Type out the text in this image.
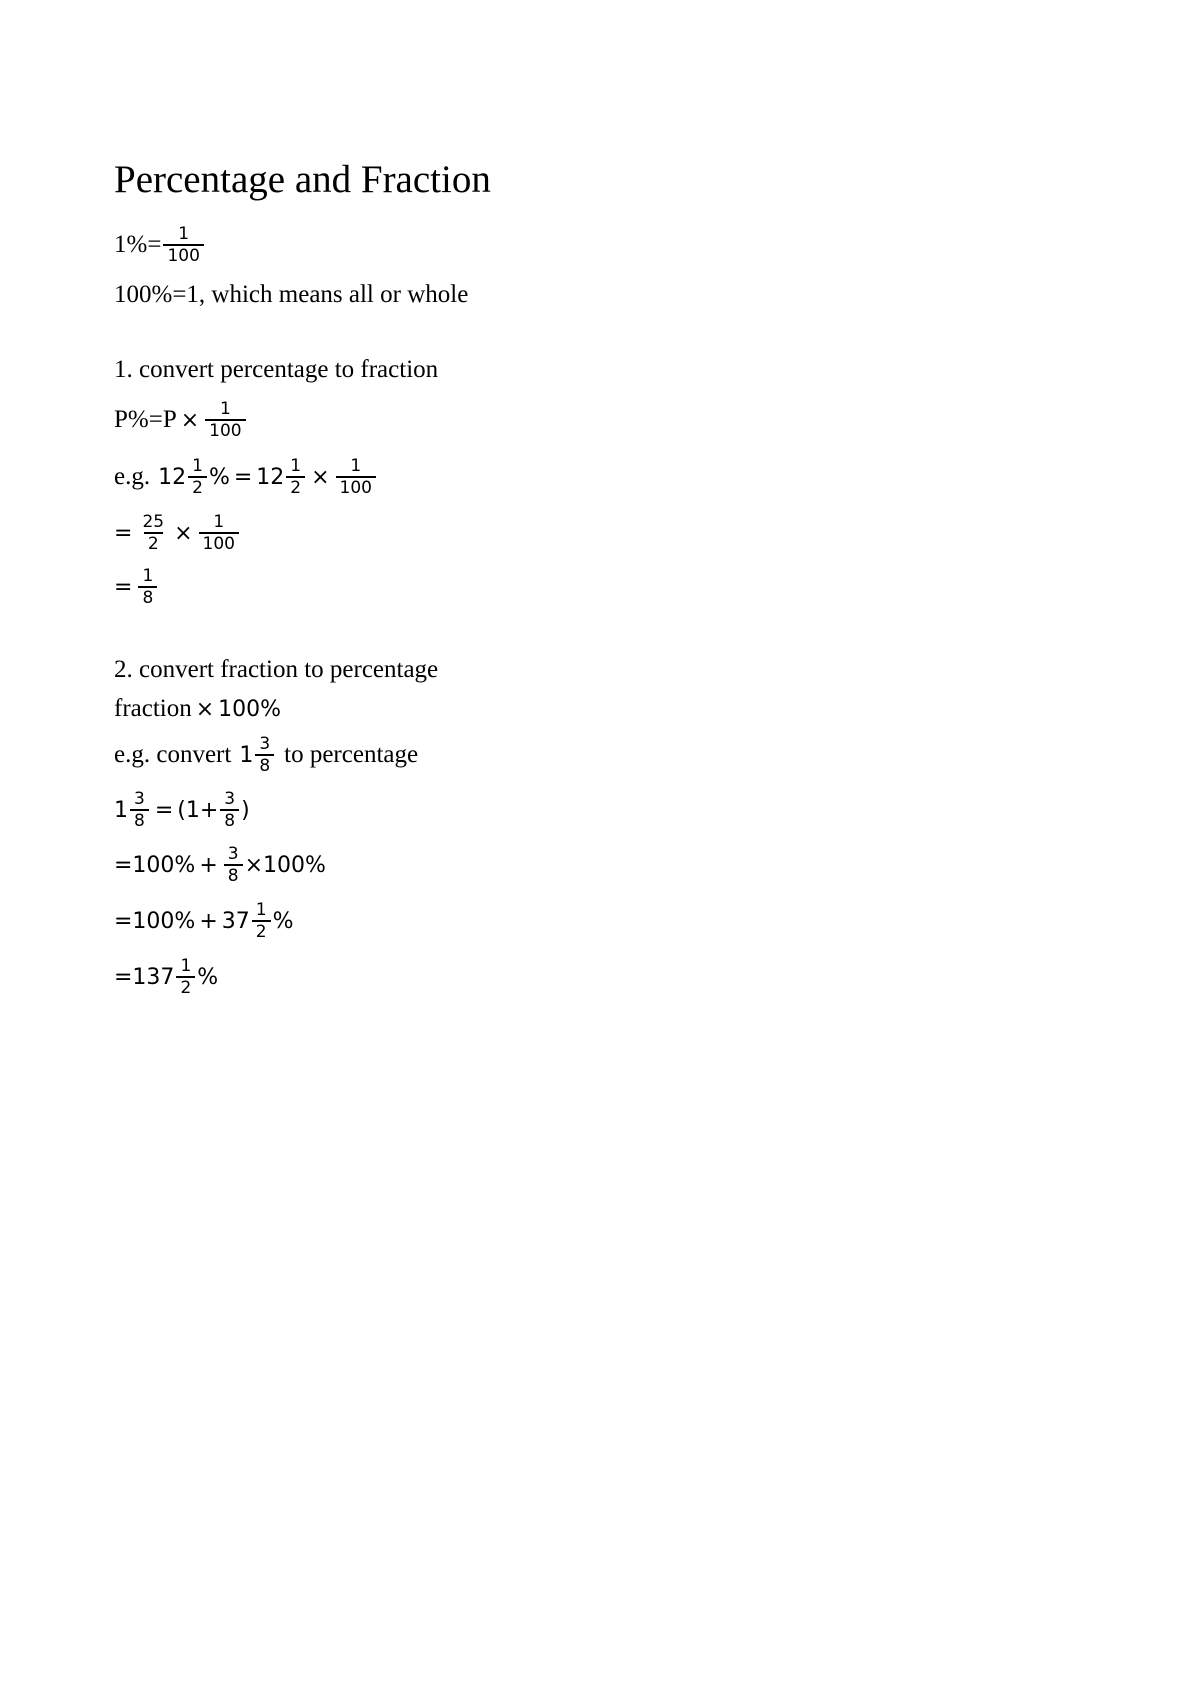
Percentage and Fraction
$1\%= \frac{1}{100}$
100%=1, which means all or whole
1. convert percentage to fraction
$P\%=P \times \frac{1}{100}$
e.g. $12 \frac{1}{2}$ % = $12 \frac{1}{2} \times \frac{1}{100}$
= $\frac{25}{2} \times \frac{1}{100}$
= $\frac{1}{8}$
2. convert fraction to percentage
fraction × 100%
e.g. convert $1 \frac{3}{8}$ to percentage
$1 \frac{3}{8} = (1+ \frac{3}{8}$ )
$=100\% + \frac{3}{8} \times 100\%$
$=100\% + 37 \frac{1}{2}$ %
$=137 \frac{1}{2}$ %
